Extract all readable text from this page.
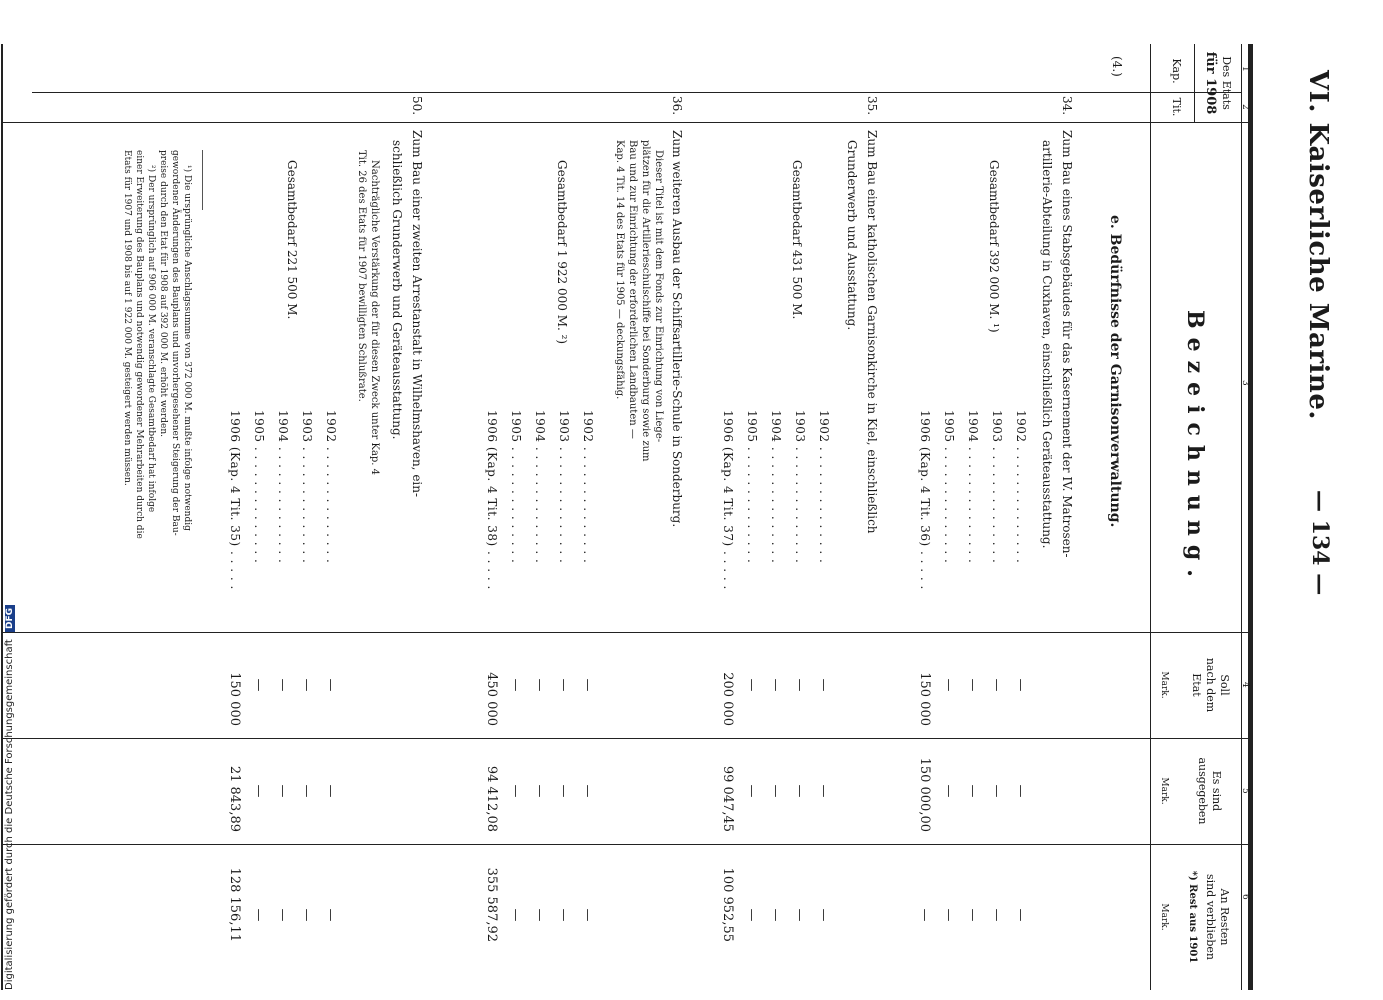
VI. Kaiserliche Marine.
— 134 —
1
2
3
4
5
6
Des Etats
für 1908
Kap.
Tit.
Bezeichnung.
Soll
nach dem
Etat
Mark.
Es sind
ausgegeben
Mark.
An Resten
sind verblieben
*) Rest aus 1901
Mark.
(4.)
e. Bedürfnisse der Garnisonverwaltung.
34.
Zum Bau eines Stabsgebäudes für das Kasernement der IV. Matrosen-
artillerie-Abteilung in Cuxhaven, einschließlich Geräteausstattung.
Gesamtbedarf 392 000 M. ¹)
1902 . . . . . . . . . . . . . .
1903 . . . . . . . . . . . . . .
1904 . . . . . . . . . . . . . .
1905 . . . . . . . . . . . . . .
1906 (Kap. 4 Tit. 36) . . . . .
—
—
—
—
150 000
—
—
—
—
150 000,00
—
—
—
—
—
35.
Zum Bau einer katholischen Garnisonkirche in Kiel, einschließlich
Grunderwerb und Ausstattung.
Gesamtbedarf 431 500 M.
1902 . . . . . . . . . . . . . .
1903 . . . . . . . . . . . . . .
1904 . . . . . . . . . . . . . .
1905 . . . . . . . . . . . . . .
1906 (Kap. 4 Tit. 37) . . . . .
—
—
—
—
200 000
—
—
—
—
99 047,45
—
—
—
—
100 952,55
36.
Zum weiteren Ausbau der Schiffsartillerie-Schule in Sonderburg.
Dieser Titel ist mit dem Fonds zur Einrichtung von Liege-
plätzen für die Artillerieschulschiffe bei Sonderburg sowie zum
Bau und zur Einrichtung der erforderlichen Landbauten —
Kap. 4 Tit. 14 des Etats für 1905 — deckungsfähig.
Gesamtbedarf 1 922 000 M. ²)
1902 . . . . . . . . . . . . . .
1903 . . . . . . . . . . . . . .
1904 . . . . . . . . . . . . . .
1905 . . . . . . . . . . . . . .
1906 (Kap. 4 Tit. 38) . . . . .
—
—
—
—
450 000
—
—
—
—
94 412,08
—
—
—
—
355 587,92
50.
Zum Bau einer zweiten Arrestanstalt in Wilhelmshaven, ein-
schließlich Grunderwerb und Geräteausstattung.
Nachträgliche Verstärkung der für diesen Zweck unter Kap. 4
Tit. 26 des Etats für 1907 bewilligten Schlußrate.
Gesamtbedarf 221 500 M.
1902 . . . . . . . . . . . . . .
1903 . . . . . . . . . . . . . .
1904 . . . . . . . . . . . . . .
1905 . . . . . . . . . . . . . .
1906 (Kap. 4 Tit. 35) . . . . .
—
—
—
—
150 000
—
—
—
—
21 843,89
—
—
—
—
128 156,11
¹) Die ursprüngliche Anschlagssumme von 372 000 M. mußte infolge notwendig
gewordener Änderungen des Bauplans und unvorhergesehener Steigerung der Bau-
preise durch den Etat für 1908 auf 392 000 M. erhöht werden.
²) Der ursprünglich auf 906 000 M. veranschlagte Gesamtbedarf hat infolge
einer Erweiterung des Bauplans und notwendig gewordener Mehrarbeiten durch die
Etats für 1907 und 1908 bis auf 1 922 000 M. gesteigert werden müssen.
Digitalisierung gefördert durch die Deutsche Forschungsgemeinschaft DFG
